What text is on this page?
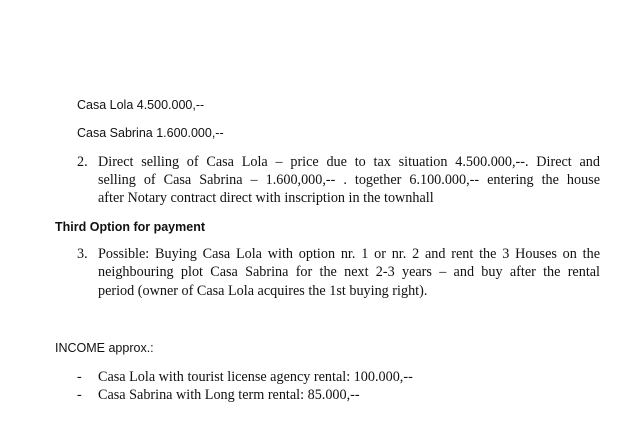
Casa Lola 4.500.000,--
Casa Sabrina 1.600.000,--
2. Direct selling of Casa Lola – price due to tax situation 4.500.000,--. Direct and
selling of Casa Sabrina – 1.600,000,-- . together 6.100.000,-- entering the house
after Notary contract direct with inscription in the townhall
Third Option for payment
3. Possible: Buying Casa Lola with option nr. 1 or nr. 2 and rent the 3 Houses on the
neighbouring plot Casa Sabrina for the next 2-3 years – and buy after the rental
period (owner of Casa Lola acquires the 1st buying right).
INCOME approx.:
- Casa Lola with tourist license agency rental: 100.000,--
- Casa Sabrina with Long term rental: 85.000,--
